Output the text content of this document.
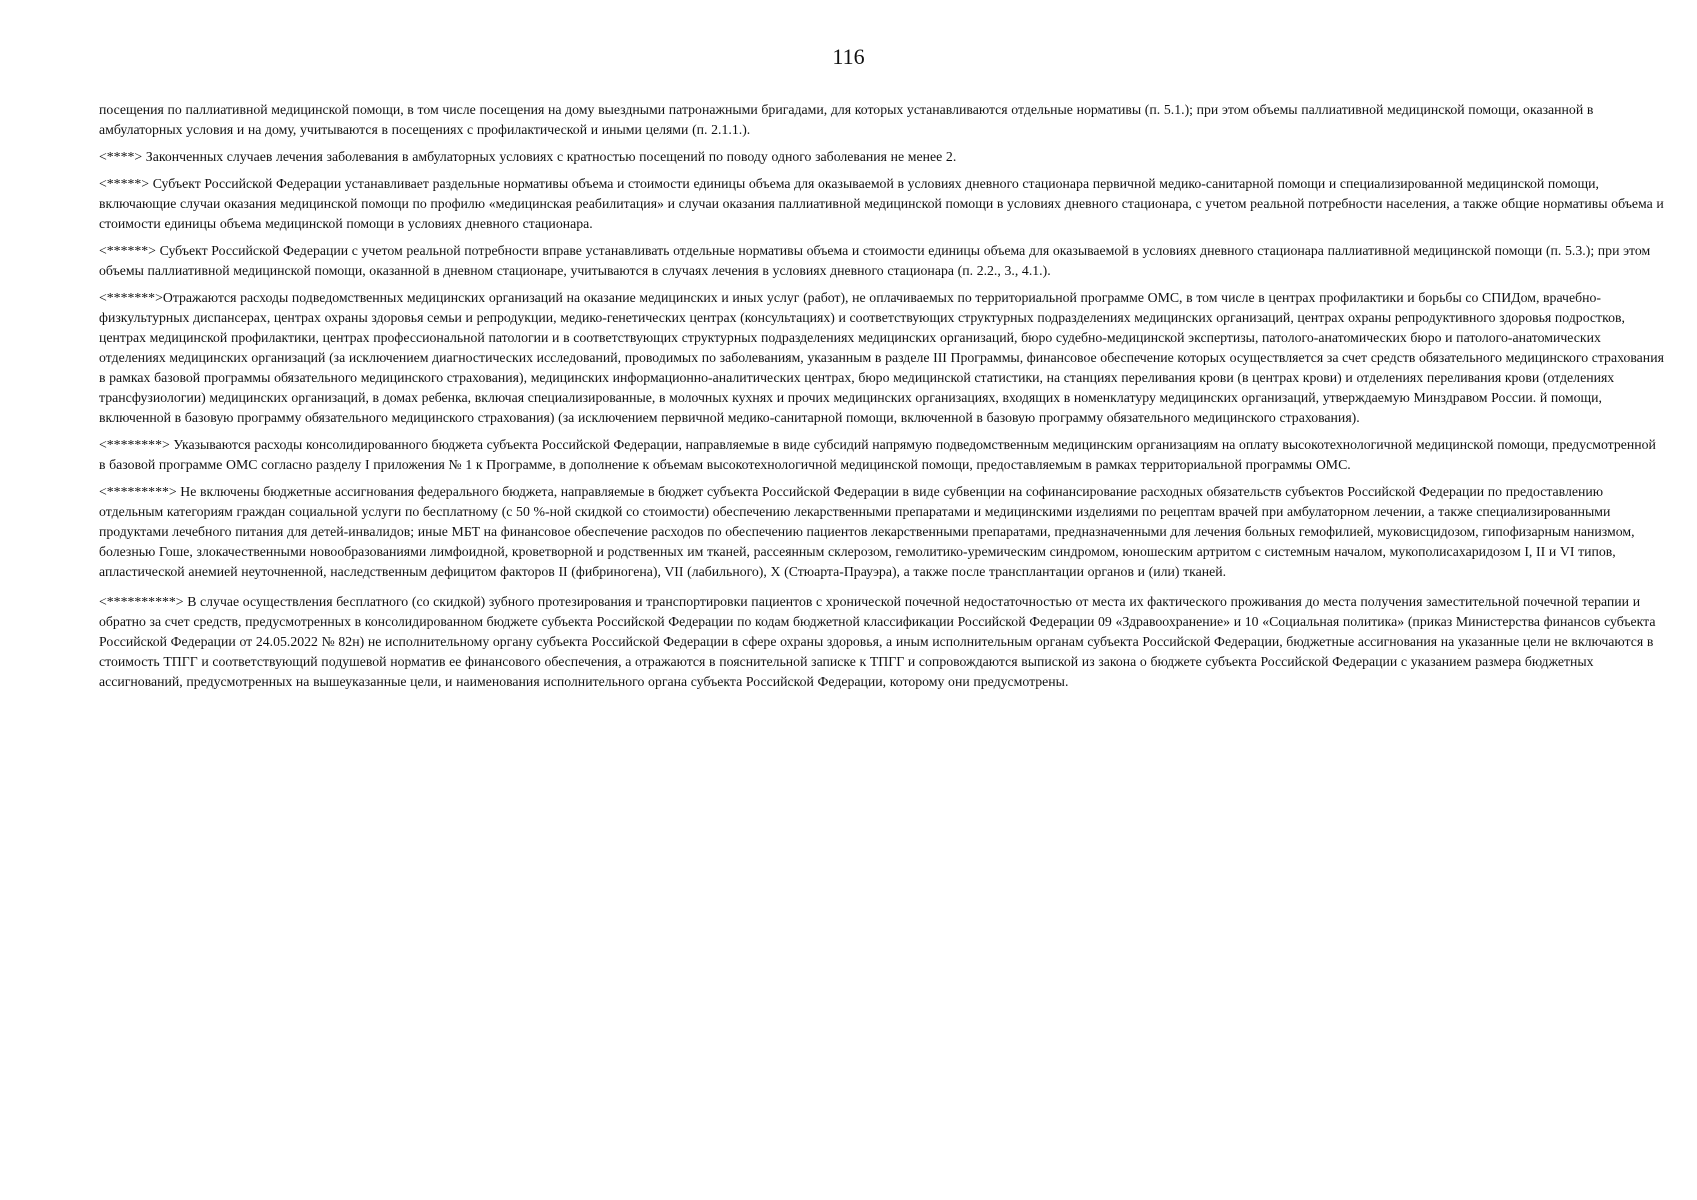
116

посещения по паллиативной медицинской помощи, в том числе посещения на дому выездными патронажными бригадами, для которых устанавливаются отдельные нормативы (п. 5.1.); при этом объемы паллиативной медицинской помощи, оказанной в амбулаторных условия и на дому, учитываются в посещениях с профилактической и иными целями (п. 2.1.1.).

<****> Законченных случаев лечения заболевания в амбулаторных условиях с кратностью посещений по поводу одного заболевания не менее 2.

<*****> Субъект Российской Федерации устанавливает раздельные нормативы объема и стоимости единицы объема для оказываемой в условиях дневного стационара первичной медико-санитарной помощи и специализированной медицинской помощи, включающие случаи оказания медицинской помощи по профилю «медицинская реабилитация» и случаи оказания паллиативной медицинской помощи в условиях дневного стационара, с учетом реальной потребности населения, а также общие нормативы объема и стоимости единицы объема медицинской помощи в условиях дневного стационара.

<******> Субъект Российской Федерации с учетом реальной потребности вправе устанавливать отдельные нормативы объема и стоимости единицы объема для оказываемой в условиях дневного стационара паллиативной медицинской помощи (п. 5.3.); при этом объемы паллиативной медицинской помощи, оказанной в дневном стационаре, учитываются в случаях лечения в условиях дневного стационара (п. 2.2., 3., 4.1.).

<*******>Отражаются расходы подведомственных медицинских организаций на оказание медицинских и иных услуг (работ), не оплачиваемых по территориальной программе ОМС, в том числе в центрах профилактики и борьбы со СПИДом, врачебно-физкультурных диспансерах, центрах охраны здоровья семьи и репродукции, медико-генетических центрах (консультациях) и соответствующих структурных подразделениях медицинских организаций, центрах охраны репродуктивного здоровья подростков, центрах медицинской профилактики, центрах профессиональной патологии и в соответствующих структурных подразделениях медицинских организаций, бюро судебно-медицинской экспертизы, патолого-анатомических бюро и патолого-анатомических отделениях медицинских организаций (за исключением диагностических исследований, проводимых по заболеваниям, указанным в разделе III Программы, финансовое обеспечение которых осуществляется за счет средств обязательного медицинского страхования в рамках базовой программы обязательного медицинского страхования), медицинских информационно-аналитических центрах, бюро медицинской статистики, на станциях переливания крови (в центрах крови) и отделениях переливания крови (отделениях трансфузиологии) медицинских организаций, в домах ребенка, включая специализированные, в молочных кухнях и прочих медицинских организациях, входящих в номенклатуру медицинских организаций, утверждаемую Минздравом России. й помощи, включенной в базовую программу обязательного медицинского страхования) (за исключением первичной медико-санитарной помощи, включенной в базовую программу обязательного медицинского страхования).

<********> Указываются расходы консолидированного бюджета субъекта Российской Федерации, направляемые в виде субсидий напрямую подведомственным медицинским организациям на оплату высокотехнологичной медицинской помощи, предусмотренной в базовой программе ОМС согласно разделу I приложения № 1 к Программе, в дополнение к объемам высокотехнологичной медицинской помощи, предоставляемым в рамках территориальной программы ОМС.

<*********> Не включены бюджетные ассигнования федерального бюджета, направляемые в бюджет субъекта Российской Федерации в виде субвенции на софинансирование расходных обязательств субъектов Российской Федерации по предоставлению отдельным категориям граждан социальной услуги по бесплатному (с 50 %-ной скидкой со стоимости) обеспечению лекарственными препаратами и медицинскими изделиями по рецептам врачей при амбулаторном лечении, а также специализированными продуктами лечебного питания для детей-инвалидов; иные МБТ на финансовое обеспечение расходов по обеспечению пациентов лекарственными препаратами, предназначенными для лечения больных гемофилией, муковисцидозом, гипофизарным нанизмом, болезнью Гоше, злокачественными новообразованиями лимфоидной, кроветворной и родственных им тканей, рассеянным склерозом, гемолитико-уремическим синдромом, юношеским артритом с системным началом, мукополисахаридозом I, II и VI типов, апластической анемией неуточненной, наследственным дефицитом факторов II (фибриногена), VII (лабильного), X (Стюарта-Прауэра), а также после трансплантации органов и (или) тканей.

<**********> В случае осуществления бесплатного (со скидкой) зубного протезирования и транспортировки пациентов с хронической почечной недостаточностью от места их фактического проживания до места получения заместительной почечной терапии и обратно за счет средств, предусмотренных в консолидированном бюджете субъекта Российской Федерации по кодам бюджетной классификации Российской Федерации 09 «Здравоохранение» и 10 «Социальная политика» (приказ Министерства финансов субъекта Российской Федерации от 24.05.2022 № 82н) не исполнительному органу субъекта Российской Федерации в сфере охраны здоровья, а иным исполнительным органам субъекта Российской Федерации, бюджетные ассигнования на указанные цели не включаются в стоимость ТПГГ и соответствующий подушевой норматив ее финансового обеспечения, а отражаются в пояснительной записке к ТПГГ и сопровождаются выпиской из закона о бюджете субъекта Российской Федерации с указанием размера бюджетных ассигнований, предусмотренных на вышеуказанные цели, и наименования исполнительного органа субъекта Российской Федерации, которому они предусмотрены.
